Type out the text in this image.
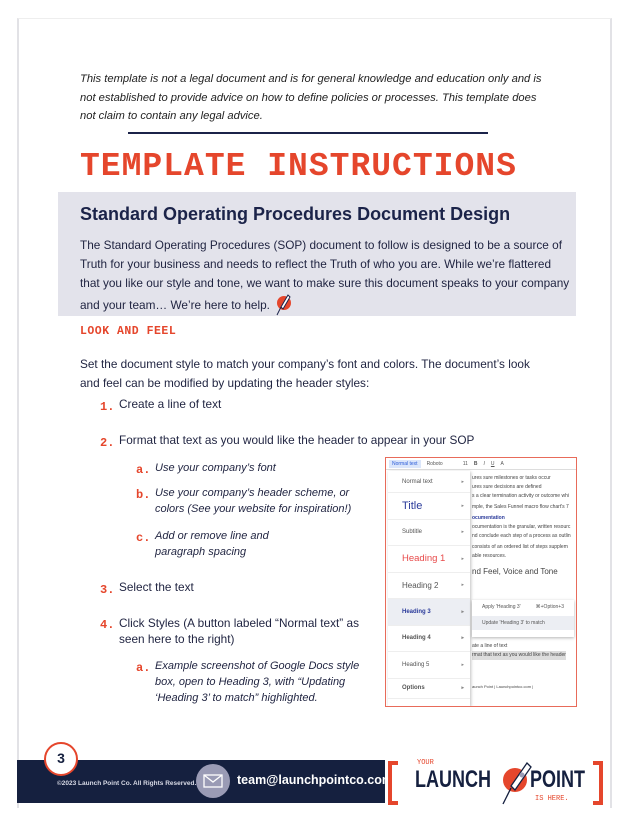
This template is not a legal document and is for general knowledge and education only and is not established to provide advice on how to define policies or processes. This template does not claim to contain any legal advice.
TEMPLATE INSTRUCTIONS
Standard Operating Procedures Document Design

The Standard Operating Procedures (SOP) document to follow is designed to be a source of Truth for your business and needs to reflect the Truth of who you are. While we’re flattered that you like our style and tone, we want to make sure this document speaks to your company and your team… We’re here to help.

LOOK AND FEEL
Set the document style to match your company’s font and colors. The document’s look and feel can be modified by updating the header styles:
1. Create a line of text
2. Format that text as you would like the header to appear in your SOP
a. Use your company’s font
b. Use your company’s header scheme, or colors (See your website for inspiration!)
c. Add or remove line and paragraph spacing
3. Select the text
4. Click Styles (A button labeled “Normal text” as seen here to the right)
a. Example screenshot of Google Docs style box, open to Heading 3, with “Updating ‘Heading 3’ to match” highlighted.
Normal text	Roboto	11 B I U A
ures sure milestones or tasks occur
ures sure decisions are defined
s a clear termination activity or outcome whi
mple, the Sales Funnel macro flow chart's 7
ocumentation
ocumentation is the granular, written resourc
nd conclude each step of a process as outlin
consists of an ordered list of steps supplem
able resources.
nd Feel, Voice and Tone
ate a line of text
rmat that text as you would like the header
aunch Point | Launchpointco.com |
Normal text ▸
Title ▸
Subtitle ▸
Heading 1 ▸
Heading 2 ▸
Heading 3 ▸
Heading 4 ▸
Heading 5 ▸
Options ▸
Apply 'Heading 3'	⌘+Option+3
Update 'Heading 3' to match
©2023 Launch Point Co. All Rights Reserved.	team@launchpointco.com
3	YOUR
LAUNCH POINT
IS HERE.
